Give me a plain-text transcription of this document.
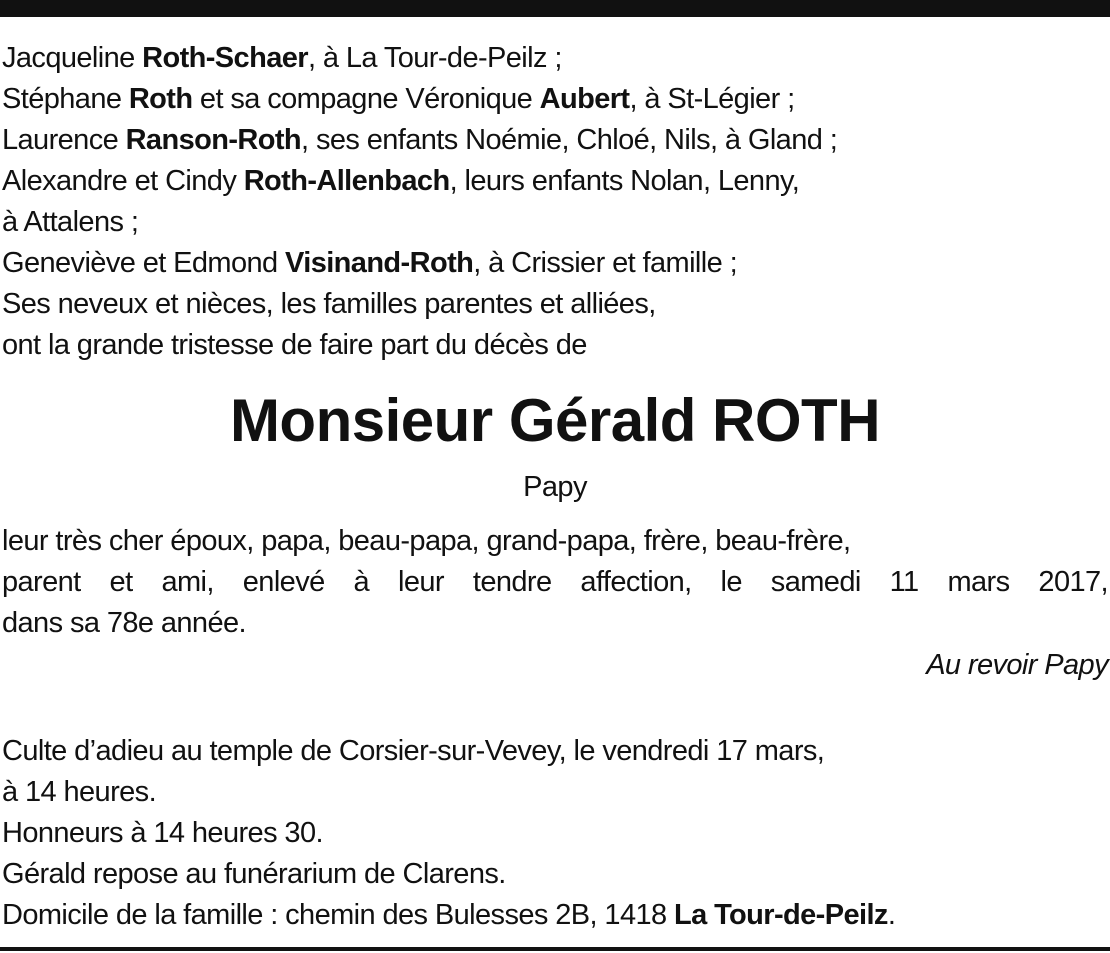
Jacqueline Roth-Schaer, à La Tour-de-Peilz ;
Stéphane Roth et sa compagne Véronique Aubert, à St-Légier ;
Laurence Ranson-Roth, ses enfants Noémie, Chloé, Nils, à Gland ;
Alexandre et Cindy Roth-Allenbach, leurs enfants Nolan, Lenny,
à Attalens ;
Geneviève et Edmond Visinand-Roth, à Crissier et famille ;
Ses neveux et nièces, les familles parentes et alliées,
ont la grande tristesse de faire part du décès de
Monsieur Gérald ROTH
Papy
leur très cher époux, papa, beau-papa, grand-papa, frère, beau-frère,
parent et ami, enlevé à leur tendre affection, le samedi 11 mars 2017,
dans sa 78e année.
Au revoir Papy
Culte d’adieu au temple de Corsier-sur-Vevey, le vendredi 17 mars,
à 14 heures.
Honneurs à 14 heures 30.
Gérald repose au funérarium de Clarens.
Domicile de la famille : chemin des Bulesses 2B, 1418 La Tour-de-Peilz.
